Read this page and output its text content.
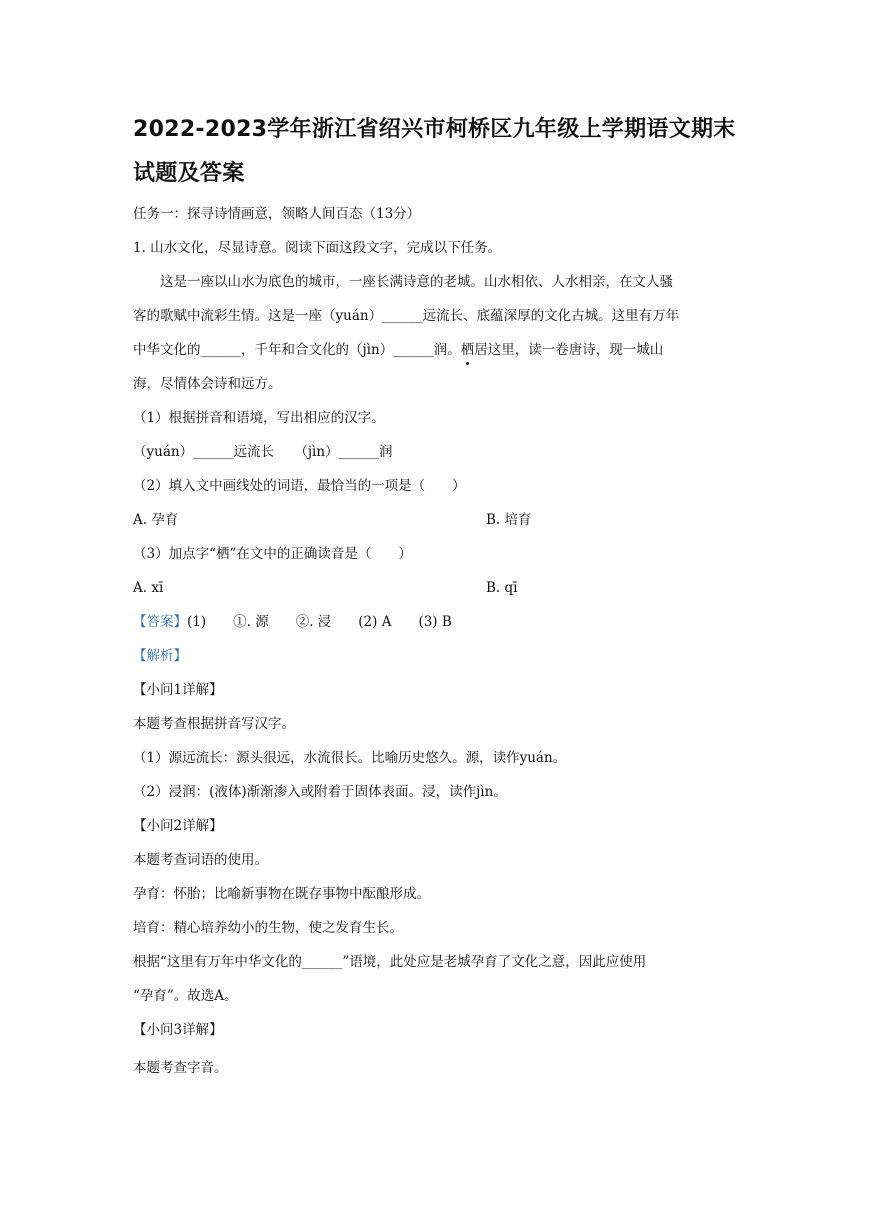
2022-2023学年浙江省绍兴市柯桥区九年级上学期语文期末
试题及答案
任务一：探寻诗情画意，领略人间百态（13分）
1. 山水文化，尽显诗意。阅读下面这段文字，完成以下任务。
这是一座以山水为底色的城市，一座长满诗意的老城。山水相依、人水相亲，在文人骚
客的歌赋中流彩生情。这是一座（yuán）______远流长、底蕴深厚的文化古城。这里有万年
中华文化的______，千年和合文化的（jìn）______润。栖居这里，读一卷唐诗，现一城山
海，尽情体会诗和远方。
（1）根据拼音和语境，写出相应的汉字。
（yuán）______远流长　　（jìn）______润
（2）填入文中画线处的词语，最恰当的一项是（　　）
A. 孕育	B. 培育
（3）加点字“栖”在文中的正确读音是（　　）
A. xī	B. qī
【答案】(1)　　①. 源　　②. 浸　　(2) A　　(3) B
【解析】
【小问1详解】
本题考查根据拼音写汉字。
（1）源远流长：源头很远，水流很长。比喻历史悠久。源，读作yuán。
（2）浸润：(液体)渐渐渗入或附着于固体表面。浸，读作jìn。
【小问2详解】
本题考查词语的使用。
孕育：怀胎；比喻新事物在既存事物中酝酿形成。
培育：精心培养幼小的生物，使之发育生长。
根据“这里有万年中华文化的______”语境，此处应是老城孕育了文化之意，因此应使用
“孕育”。故选A。
【小问3详解】
本题考查字音。
